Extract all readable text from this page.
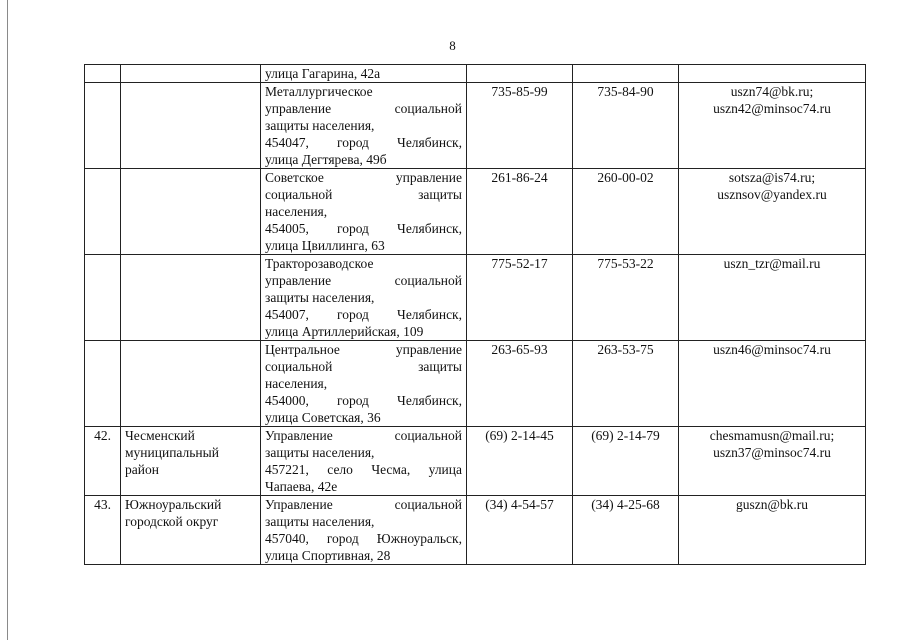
8

		улица Гагарина, 42а			

		Металлургическое
управление социальной
защиты населения,
454047, город Челябинск,
улица Дегтярева, 49б	735-85-99	735-84-90	uszn74@bk.ru;
uszn42@minsoc74.ru

		Советское управление
социальной защиты
населения,
454005, город Челябинск,
улица Цвиллинга, 63	261-86-24	260-00-02	sotsza@is74.ru;
usznsov@yandex.ru

		Тракторозаводское
управление социальной
защиты населения,
454007, город Челябинск,
улица Артиллерийская, 109	775-52-17	775-53-22	uszn_tzr@mail.ru

		Центральное управление
социальной защиты
населения,
454000, город Челябинск,
улица Советская, 36	263-65-93	263-53-75	uszn46@minsoc74.ru

42.	Чесменский
муниципальный
район	Управление социальной
защиты населения,
457221, село Чесма, улица
Чапаева, 42е	(69) 2-14-45	(69) 2-14-79	chesmamusn@mail.ru;
uszn37@minsoc74.ru

43.	Южноуральский
городской округ	Управление социальной
защиты населения,
457040, город Южноуральск,
улица Спортивная, 28	(34) 4-54-57	(34) 4-25-68	guszn@bk.ru
